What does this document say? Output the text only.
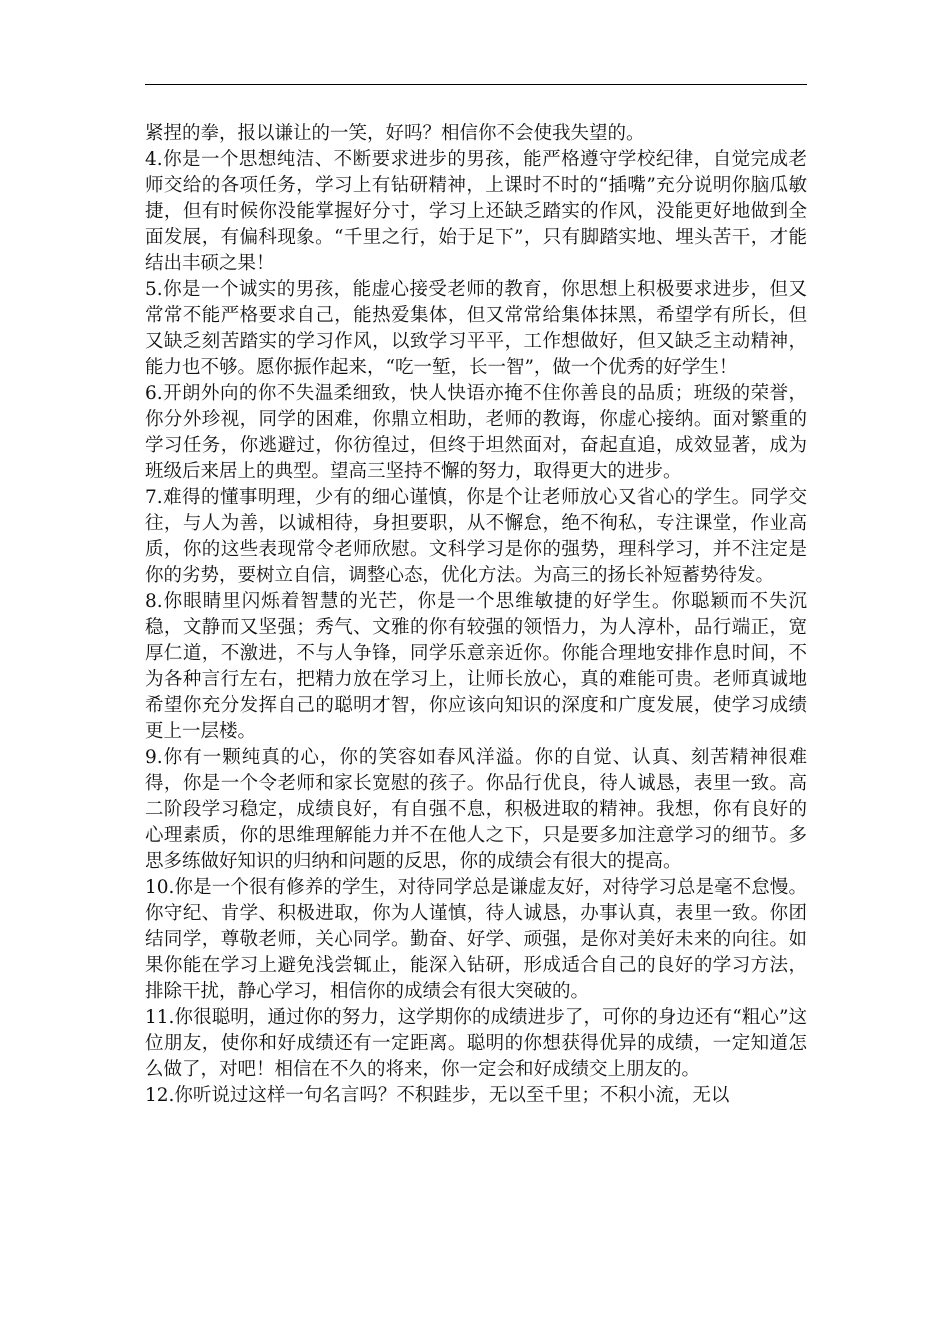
紧捏的拳，报以谦让的一笑，好吗？相信你不会使我失望的。

4.你是一个思想纯洁、不断要求进步的男孩，能严格遵守学校纪律，自觉完成老师交给的各项任务，学习上有钻研精神，上课时不时的“插嘴”充分说明你脑瓜敏捷，但有时候你没能掌握好分寸，学习上还缺乏踏实的作风，没能更好地做到全面发展，有偏科现象。“千里之行，始于足下”，只有脚踏实地、埋头苦干，才能结出丰硕之果！

5.你是一个诚实的男孩，能虚心接受老师的教育，你思想上积极要求进步，但又常常不能严格要求自己，能热爱集体，但又常常给集体抹黑，希望学有所长，但又缺乏刻苦踏实的学习作风，以致学习平平，工作想做好，但又缺乏主动精神，能力也不够。愿你振作起来，“吃一堑，长一智”，做一个优秀的好学生！

6.开朗外向的你不失温柔细致，快人快语亦掩不住你善良的品质；班级的荣誉，你分外珍视，同学的困难，你鼎立相助，老师的教诲，你虚心接纳。面对繁重的学习任务，你逃避过，你彷徨过，但终于坦然面对，奋起直追，成效显著，成为班级后来居上的典型。望高三坚持不懈的努力，取得更大的进步。

7.难得的懂事明理，少有的细心谨慎，你是个让老师放心又省心的学生。同学交往，与人为善，以诚相待，身担要职，从不懈怠，绝不徇私，专注课堂，作业高质，你的这些表现常令老师欣慰。文科学习是你的强势，理科学习，并不注定是你的劣势，要树立自信，调整心态，优化方法。为高三的扬长补短蓄势待发。

8.你眼睛里闪烁着智慧的光芒，你是一个思维敏捷的好学生。你聪颖而不失沉稳，文静而又坚强；秀气、文雅的你有较强的领悟力，为人淳朴，品行端正，宽厚仁道，不激进，不与人争锋，同学乐意亲近你。你能合理地安排作息时间，不为各种言行左右，把精力放在学习上，让师长放心，真的难能可贵。老师真诚地希望你充分发挥自己的聪明才智，你应该向知识的深度和广度发展，使学习成绩更上一层楼。

9.你有一颗纯真的心，你的笑容如春风洋溢。你的自觉、认真、刻苦精神很难得，你是一个令老师和家长宽慰的孩子。你品行优良，待人诚恳，表里一致。高二阶段学习稳定，成绩良好，有自强不息，积极进取的精神。我想，你有良好的心理素质，你的思维理解能力并不在他人之下，只是要多加注意学习的细节。多思多练做好知识的归纳和问题的反思，你的成绩会有很大的提高。

10.你是一个很有修养的学生，对待同学总是谦虚友好，对待学习总是毫不怠慢。你守纪、肯学、积极进取，你为人谨慎，待人诚恳，办事认真，表里一致。你团结同学，尊敬老师，关心同学。勤奋、好学、顽强，是你对美好未来的向往。如果你能在学习上避免浅尝辄止，能深入钻研，形成适合自己的良好的学习方法，排除干扰，静心学习，相信你的成绩会有很大突破的。

11.你很聪明，通过你的努力，这学期你的成绩进步了，可你的身边还有“粗心”这位朋友，使你和好成绩还有一定距离。聪明的你想获得优异的成绩，一定知道怎么做了，对吧！相信在不久的将来，你一定会和好成绩交上朋友的。

12.你听说过这样一句名言吗？不积跬步，无以至千里；不积小流，无以
